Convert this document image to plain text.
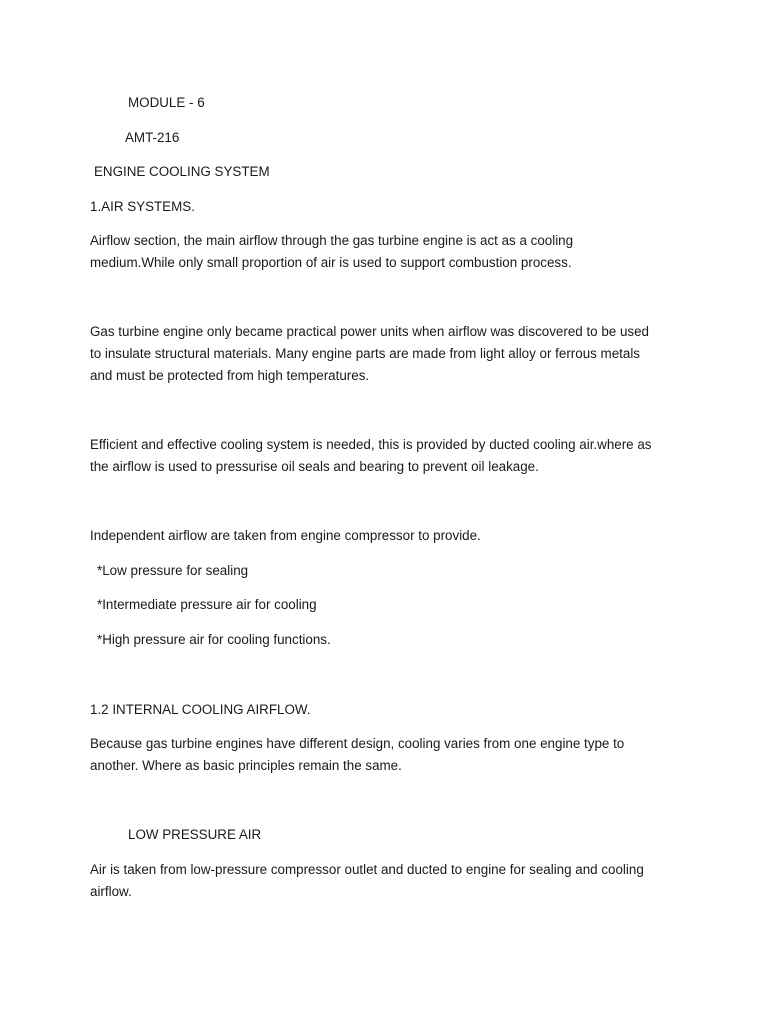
MODULE - 6

AMT-216

ENGINE COOLING SYSTEM

1.AIR SYSTEMS.

Airflow section, the main airflow through the gas turbine engine is act as a cooling

medium.While only small proportion of air is used to support combustion process.

Gas turbine engine only became practical power units when airflow was discovered to be used

to insulate structural materials. Many engine parts are made from light alloy or ferrous metals

and must be protected from high temperatures.

Efficient and effective cooling system is needed, this is provided by ducted cooling air.where as

the airflow is used to pressurise oil seals and bearing to prevent oil leakage.

Independent airflow are taken from engine compressor to provide.

*Low pressure for sealing

*Intermediate pressure air for cooling

*High pressure air for cooling functions.

1.2 INTERNAL COOLING AIRFLOW.

Because gas turbine engines have different design, cooling varies from one engine type to

another. Where as basic principles remain the same.

LOW PRESSURE AIR

Air is taken from low-pressure compressor outlet and ducted to engine for sealing and cooling

airflow.
